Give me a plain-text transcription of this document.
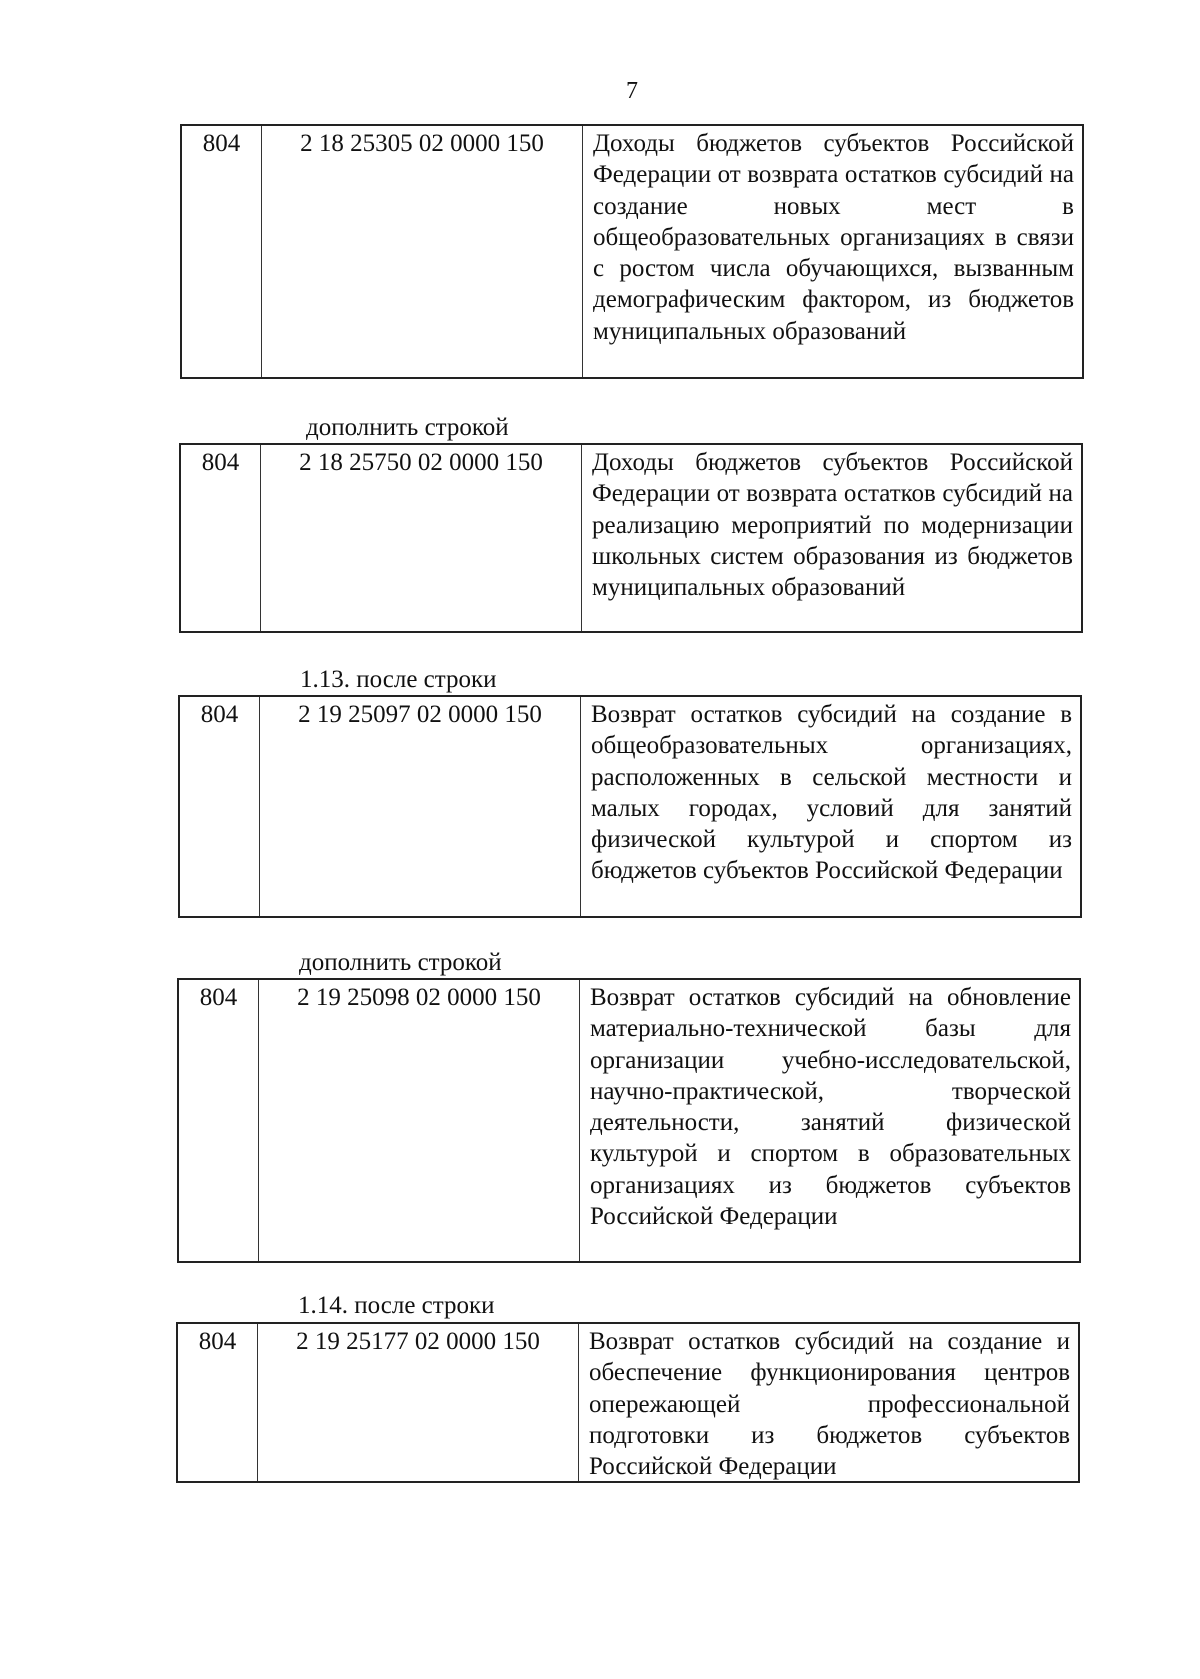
7
804	2 18 25305 02 0000 150	Доходы бюджетов субъектов Российской Федерации от возврата остатков субсидий на создание новых мест в общеобразовательных организациях в связи с ростом числа обучающихся, вызванным демографическим фактором, из бюджетов муниципальных образований
дополнить строкой
804	2 18 25750 02 0000 150	Доходы бюджетов субъектов Российской Федерации от возврата остатков субсидий на реализацию мероприятий по модернизации школьных систем образования из бюджетов муниципальных образований
1.13. после строки
804	2 19 25097 02 0000 150	Возврат остатков субсидий на создание в общеобразовательных организациях, расположенных в сельской местности и малых городах, условий для занятий физической культурой и спортом из бюджетов субъектов Российской Федерации
дополнить строкой
804	2 19 25098 02 0000 150	Возврат остатков субсидий на обновление материально-технической базы для организации учебно-исследовательской, научно-практической, творческой деятельности, занятий физической культурой и спортом в образовательных организациях из бюджетов субъектов Российской Федерации
1.14. после строки
804	2 19 25177 02 0000 150	Возврат остатков субсидий на создание и обеспечение функционирования центров опережающей профессиональной подготовки из бюджетов субъектов Российской Федерации
